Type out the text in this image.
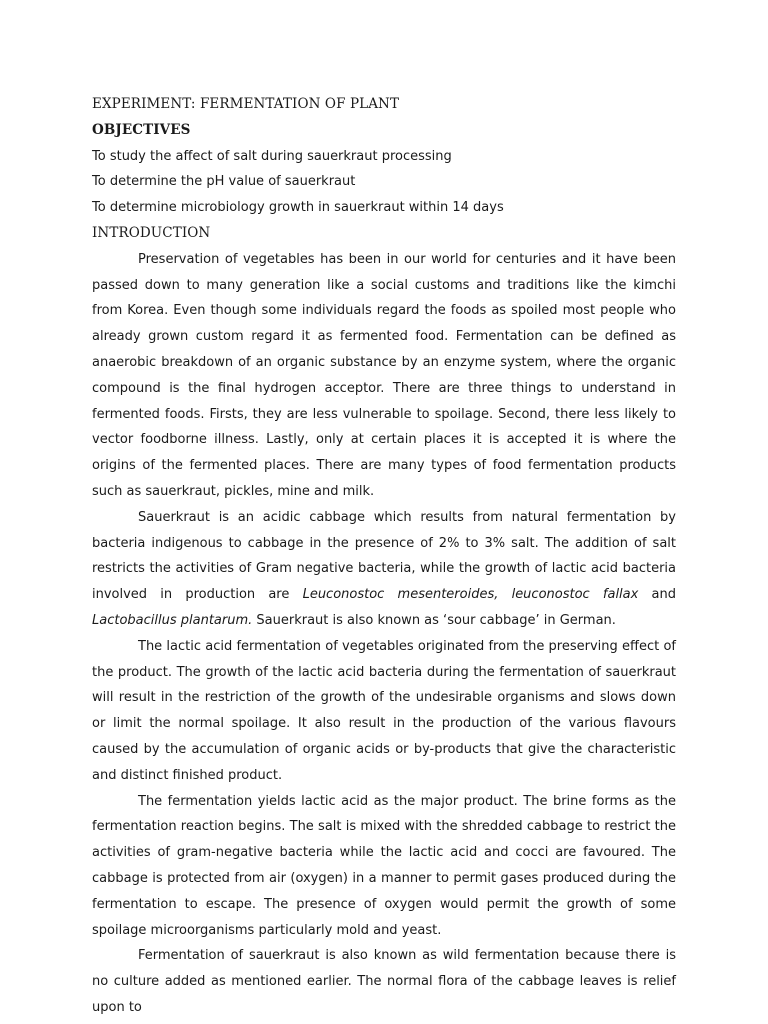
EXPERIMENT: FERMENTATION OF PLANT
OBJECTIVES
To study the affect of salt during sauerkraut processing
To determine the pH value of sauerkraut
To determine microbiology growth in sauerkraut within 14 days
INTRODUCTION

Preservation of vegetables has been in our world for centuries and it have been passed down to many generation like a social customs and traditions like the kimchi from Korea. Even though some individuals regard the foods as spoiled most people who already grown custom regard it as fermented food. Fermentation can be defined as anaerobic breakdown of an organic substance by an enzyme system, where the organic compound is the final hydrogen acceptor. There are three things to understand in fermented foods. Firsts, they are less vulnerable to spoilage. Second, there less likely to vector foodborne illness. Lastly, only at certain places it is accepted it is where the origins of the fermented places. There are many types of food fermentation products such as sauerkraut, pickles, mine and milk.

Sauerkraut is an acidic cabbage which results from natural fermentation by bacteria indigenous to cabbage in the presence of 2% to 3% salt. The addition of salt restricts the activities of Gram negative bacteria, while the growth of lactic acid bacteria involved in production are Leuconostoc mesenteroides, leuconostoc fallax and Lactobacillus plantarum. Sauerkraut is also known as ‘sour cabbage’ in German.

The lactic acid fermentation of vegetables originated from the preserving effect of the product. The growth of the lactic acid bacteria during the fermentation of sauerkraut will result in the restriction of the growth of the undesirable organisms and slows down or limit the normal spoilage. It also result in the production of the various flavours caused by the accumulation of organic acids or by-products that give the characteristic and distinct finished product.

The fermentation yields lactic acid as the major product. The brine forms as the fermentation reaction begins. The salt is mixed with the shredded cabbage to restrict the activities of gram-negative bacteria while the lactic acid and cocci are favoured. The cabbage is protected from air (oxygen) in a manner to permit gases produced during the fermentation to escape. The presence of oxygen would permit the growth of some spoilage microorganisms particularly mold and yeast.

Fermentation of sauerkraut is also known as wild fermentation because there is no culture added as mentioned earlier. The normal flora of the cabbage leaves is relief upon to
